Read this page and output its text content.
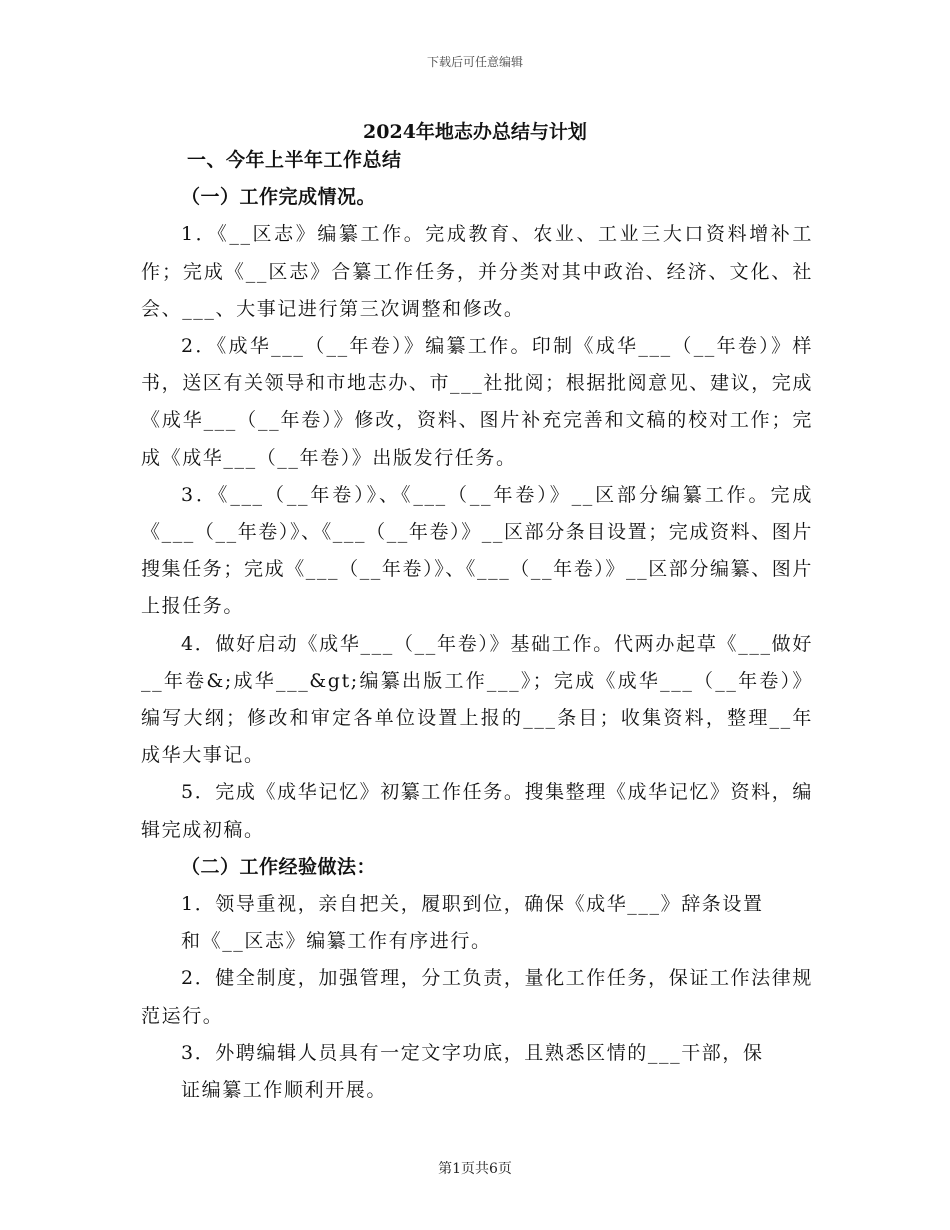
下载后可任意编辑
2024年地志办总结与计划

一、今年上半年工作总结

（一）工作完成情况。

1．《__区志》编纂工作。完成教育、农业、工业三大口资料增补工作；完成《__区志》合纂工作任务，并分类对其中政治、经济、文化、社会、___、大事记进行第三次调整和修改。

2．《成华___（__年卷）》编纂工作。印制《成华___（__年卷）》样书，送区有关领导和市地志办、市___社批阅；根据批阅意见、建议，完成《成华___（__年卷）》修改，资料、图片补充完善和文稿的校对工作；完成《成华___（__年卷）》出版发行任务。

3．《___（__年卷）》、《___（__年卷）》__区部分编纂工作。完成《___（__年卷）》、《___（__年卷）》__区部分条目设置；完成资料、图片搜集任务；完成《___（__年卷）》、《___（__年卷）》__区部分编纂、图片上报任务。

4．做好启动《成华___（__年卷）》基础工作。代两办起草《___做好__年卷&;成华___&gt;编纂出版工作___》；完成《成华___（__年卷）》编写大纲；修改和审定各单位设置上报的___条目；收集资料，整理__年成华大事记。

5．完成《成华记忆》初纂工作任务。搜集整理《成华记忆》资料，编辑完成初稿。

（二）工作经验做法：

1．领导重视，亲自把关，履职到位，确保《成华___》辞条设置

和《__区志》编纂工作有序进行。

2．健全制度，加强管理，分工负责，量化工作任务，保证工作法律规范运行。

3．外聘编辑人员具有一定文字功底，且熟悉区情的___干部，保

证编纂工作顺利开展。

第1页共6页
